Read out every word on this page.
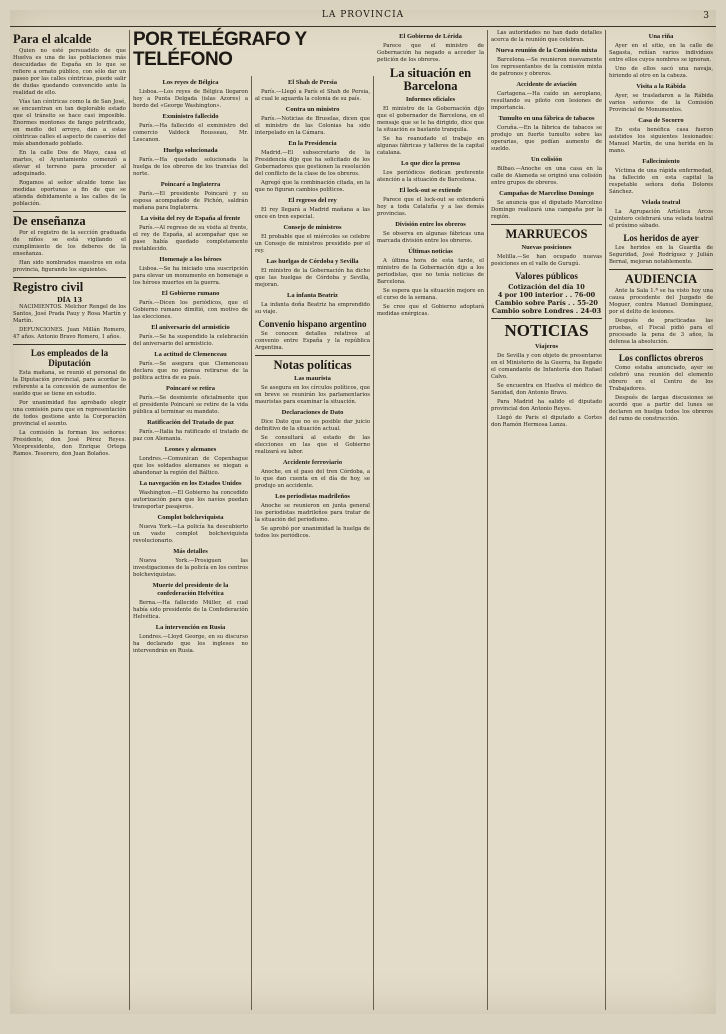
LA PROVINCIA	3
Para el alcalde

Quien no esté persuadido de que Huelva es una de las poblaciones más descuidadas de España en lo que se refiere a ornato público, con sólo dar un paseo por las calles céntricas, puede salir de dudas quedando convencido ante la realidad de ello.

Vías tan céntricas como la de San José, se encuentran en tan deplorable estado que el tránsito se hace casi imposible. Enormes montones de fango petrificado, en medio del arroyo, dan a estas céntricas calles el aspecto de caseríos del más abandonado poblado.

En la calle Dos de Mayo, casa el martes, el Ayuntamiento comenzó a elevar el terreno para proceder al adoquinado.

Rogamos al señor alcalde tome las medidas oportunas a fin de que se atienda debidamente a las calles de la población.

De enseñanza

Por el registro de la sección graduada de niños se está vigilando el cumplimiento de los deberes de la enseñanza.

Han sido nombrados maestros en esta provincia, figurando los siguientes.

Registro civil
DÍA 13

NACIMIENTOS. Melchor Rengel de los Santos, José Prada Pauy y Rosa Martín y Martín.

DEFUNCIONES. Juan Millán Romero, 47 años. Antonio Bravo Romero, 1 años.

Los empleados de la Diputación

Esta mañana, se reunió el personal de la Diputación provincial, para acordar lo referente a la concesión de aumentos de sueldo que se tiene en estudio.

Por unanimidad fue aprobado elegir una comisión para que en representación de todos gestione ante la Corporación provincial el asunto.

La comisión la forman los señores: Presidente, don José Pérez Reyes. Vicepresidente, don Enrique Ortega Ramos. Tesorero, don Juan Bolaños.

POR TELÉGRAFO Y TELÉFONO
Los reyes de Bélgica

Lisboa.—Los reyes de Bélgica llegaron hoy a Punta Delgada (islas Azores) a bordo del «George Washington».

Exministro fallecido

París.—Ha fallecido el exministro del comercio Valdeck Rousseau, Mr. Lescanon.

Huelga solucionada

París.—Ha quedado solucionada la huelga de los obreros de los tranvías del norte.

Poincaré a Inglaterra

París.—El presidente Poincaré y su esposa acompañado de Pichón, saldrán mañana para Inglaterra.

La visita del rey de España al frente

París.—Al regreso de su visita al frente, el rey de España, al acompañar que se pase había quedado completamente restablecido.

Homenaje a los héroes

Lisboa.—Se ha iniciado una suscripción para elevar un monumento en homenaje a los héroes muertos en la guerra.

El Gobierno rumano

París.—Dicen los periódicos, que el Gobierno rumano dimitió, con motivo de las elecciones.

El aniversario del armisticio

París.—Se ha suspendido la celebración del aniversario del armisticio.

La actitud de Clemenceau

París.—Se asegura que Clemenceau declara que no piensa retirarse de la política activa de su país.

Poincaré se retira

París.—Se desmiente oficialmente que el presidente Poincaré se retire de la vida pública al terminar su mandato.

Ratificación del Tratado de paz

París.—Italia ha ratificado el tratado de paz con Alemania.

Leones y alemanes

Londres.—Comunican de Copenhague que los soldados alemanes se niegan a abandonar la región del Báltico.

La navegación en los Estados Unidos

Washington.—El Gobierno ha concedido autorización para que los navíos puedan transportar pasajeros.

Complot bolcheviquista

Nueva York.—La policía ha descubierto un vasto complot bolcheviquista revolucionario.

Más detalles

Nueva York.—Prosiguen las investigaciones de la policía en los centros bolcheviquistas.

Muerte del presidente de la confederación Helvética

Berna.—Ha fallecido Müller, el cual había sido presidente de la Confederación Helvética.

La intervención en Rusia

Londres.—Lloyd George, en su discurso ha declarado que los ingleses no intervendrán en Rusia.

El Shah de Persia

París.—Llegó a París el Shah de Persia, al cual le aguarda la colonia de su país.

Contra un ministro

París.—Noticias de Bruselas, dicen que el ministro de las Colonias ha sido interpelado en la Cámara.

En la Presidencia

Madrid.—El subsecretario de la Presidencia dijo que ha solicitado de los Gobernadores que gestionen la resolución del conflicto de la clase de los obreros.

Agregó que la combinación citada, en la que no figuran cambios políticos.

El regreso del rey

El rey llegará a Madrid mañana a las once en tren especial.

Consejo de ministros

El probable que el miércoles se celebre un Consejo de ministros presidido por el rey.

Las huelgas de Córdoba y Sevilla

El ministro de la Gobernación ha dicho que las huelgas de Córdoba y Sevilla, mejoran.

La infanta Beatriz

La infanta doña Beatriz ha emprendido su viaje.

Convenio hispano argentino

Se conocen detalles relativos al convenio entre España y la república Argentina.

Notas políticas
Las maurista

Se asegura en los círculos políticos, que en breve se reunirán los parlamentarios mauristas para examinar la situación.

Declaraciones de Dato

Dice Dato que no es posible dar juicio definitivo de la situación actual.

Se consultará al estado de las elecciones en las que el Gobierno realizará su labor.

Accidente ferroviario

Anoche, en el paso del tren Córdoba, a lo que dan cuenta en el día de hoy, se produjo un accidente.

Los periodistas madrileños

Anoche se reunieron en junta general los periodistas madrileños para tratar de la situación del periodismo.

Se aprobó por unanimidad la huelga de todos los periódicos.

El Gobierno de Lérida

Parece que el ministro de Gobernación ha negado a acceder la petición de los obreros.

La situación en Barcelona
Informes oficiales

El ministro de la Gobernación dijo que el gobernador de Barcelona, en el mensaje que se le ha dirigido, dice que la situación es bastante tranquila.

Se ha reanudado el trabajo en algunas fábricas y talleres de la capital catalana.

Lo que dice la prensa

Los periódicos dedican preferente atención a la situación de Barcelona.

El lock-out se extiende

Parece que el lock-out se extenderá hoy a toda Cataluña y a las demás provincias.

División entre los obreros

Se observa en algunas fábricas una marcada división entre los obreros.

Últimas noticias

A última hora de esta tarde, el ministro de la Gobernación dijo a los periodistas, que no tenía noticias de Barcelona.

Se espera que la situación mejore en el curso de la semana.

Se cree que el Gobierno adoptará medidas enérgicas.

Las autoridades no han dado detalles acerca de la reunión que celebran.

Nueva reunión de la Comisión mixta

Barcelona.—Se reunieron nuevamente los representantes de la comisión mixta de patronos y obreros.

Accidente de aviación

Cartagena.—Ha caído un aeroplano, resultando su piloto con lesiones de importancia.

Tumulto en una fábrica de tabacos

Coruña.—En la fábrica de tabacos se produjo un fuerte tumulto sobre las operarias, que pedían aumento de sueldo.

Un colisión

Bilbao.—Anoche en una casa en la calle de Alameda se originó una colisión entre grupos de obreros.

Campañas de Marcelino Domingo

Se anuncia que el diputado Marcelino Domingo realizará una campaña por la región.

MARRUECOS
Nuevas posiciones

Melilla.—Se han ocupado nuevas posiciones en el valle de Gurugú.

Valores públicos
Cotización del día 10
4 por 100 interior . . 76-00
Cambio sobre París . . 55-20
Cambio sobre Londres . 24-03
NOTICIAS
Viajeros

De Sevilla y con objeto de presentarse en el Ministerio de la Guerra, ha llegado el comandante de Infantería don Rafael Calvo.

Se encuentra en Huelva el médico de Sanidad, don Antonio Bravo.

Para Madrid ha salido el diputado provincial don Antonio Reyes.

Llegó de Paris el diputado a Cortes don Ramón Hermosa Lanza.

Una riña

Ayer en el sitio, en la calle de Sagasta, reñían varios individuos entre ellos cuyos nombres se ignoran.

Uno de ellos sacó una navaja, hiriendo al otro en la cabeza.

Visita a la Rábida

Ayer, se trasladaron a la Rábida varios señores de la Comisión Provincial de Monumentos.

Casa de Socorro

En esta benéfica casa fueron asistidos los siguientes lesionados: Manuel Martín, de una herida en la mano.

Fallecimiento

Víctima de una rápida enfermedad, ha fallecido en esta capital la respetable señora doña Dolores Sánchez.

Velada teatral

La Agrupación Artística Arcos Quintero celebrará una velada teatral el próximo sábado.

Los heridos de ayer

Los heridos en la Guardia de Seguridad, José Rodríguez y Julián Bernal, mejoran notablemente.

AUDIENCIA

Ante la Sala 1.ª se ha visto hoy una causa procedente del Juzgado de Moguer, contra Manuel Domínguez, por el delito de lesiones.

Después de practicadas las pruebas, el Fiscal pidió para el procesado la pena de 3 años, la defensa la absolución.

Los conflictos obreros

Como estaba anunciado, ayer se celebró una reunión del elemento obrero en el Centro de los Trabajadores.

Después de largas discusiones se acordó que a partir del lunes se declaren en huelga todos los obreros del ramo de construcción.
